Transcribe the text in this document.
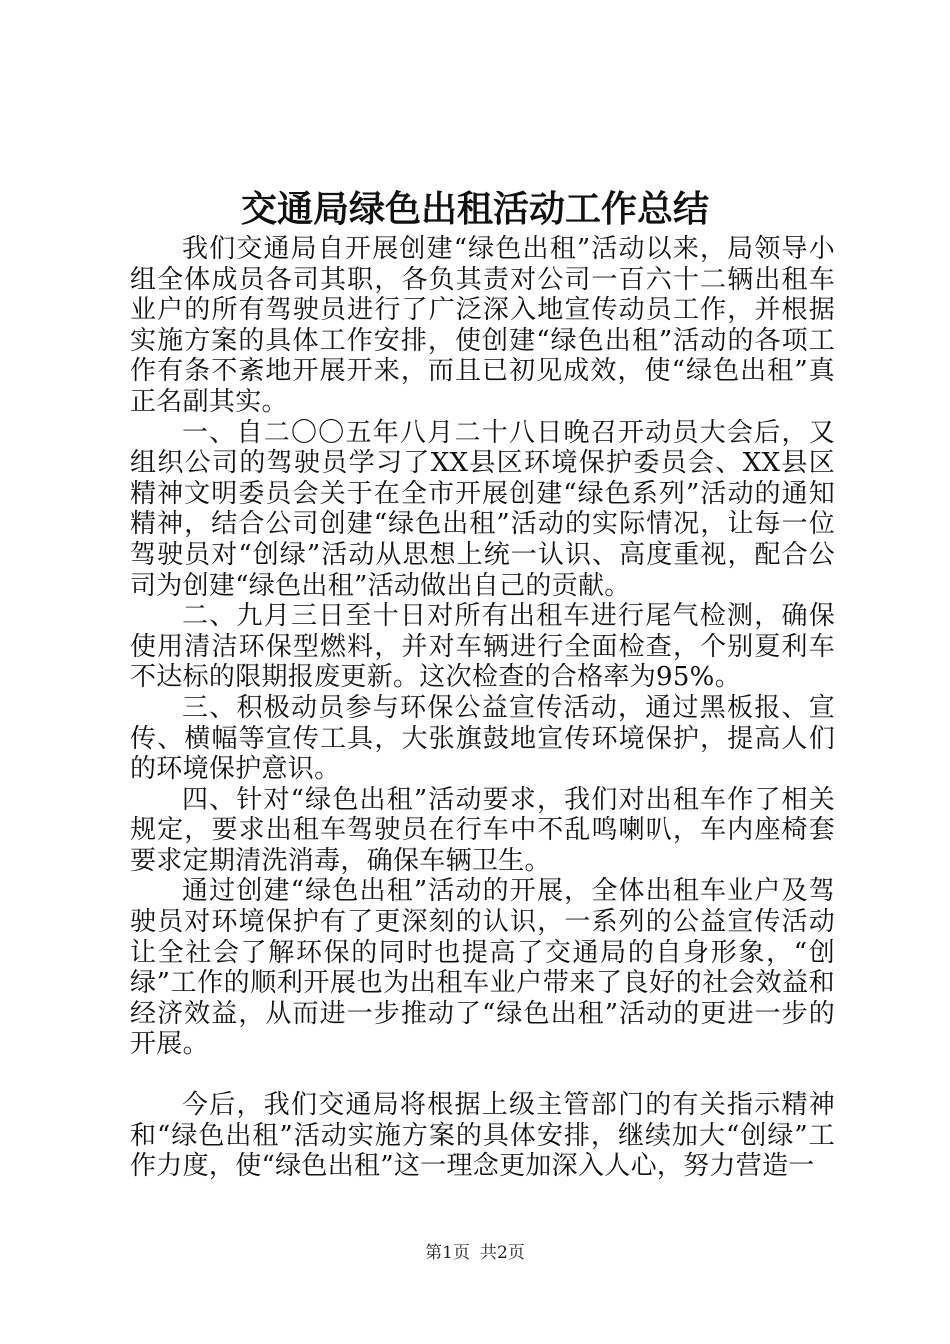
交通局绿色出租活动工作总结

我们交通局自开展创建“绿色出租”活动以来，局领导小组全体成员各司其职，各负其责对公司一百六十二辆出租车业户的所有驾驶员进行了广泛深入地宣传动员工作，并根据实施方案的具体工作安排，使创建“绿色出租”活动的各项工作有条不紊地开展开来，而且已初见成效，使“绿色出租”真正名副其实。

一、自二〇〇五年八月二十八日晚召开动员大会后，又组织公司的驾驶员学习了XX县区环境保护委员会、XX县区精神文明委员会关于在全市开展创建“绿色系列”活动的通知精神，结合公司创建“绿色出租”活动的实际情况，让每一位驾驶员对“创绿”活动从思想上统一认识、高度重视，配合公司为创建“绿色出租”活动做出自己的贡献。

二、九月三日至十日对所有出租车进行尾气检测，确保使用清洁环保型燃料，并对车辆进行全面检查，个别夏利车不达标的限期报废更新。这次检查的合格率为95%。

三、积极动员参与环保公益宣传活动，通过黑板报、宣传、横幅等宣传工具，大张旗鼓地宣传环境保护，提高人们的环境保护意识。

四、针对“绿色出租”活动要求，我们对出租车作了相关规定，要求出租车驾驶员在行车中不乱鸣喇叭，车内座椅套要求定期清洗消毒，确保车辆卫生。

通过创建“绿色出租”活动的开展，全体出租车业户及驾驶员对环境保护有了更深刻的认识，一系列的公益宣传活动让全社会了解环保的同时也提高了交通局的自身形象，“创绿”工作的顺利开展也为出租车业户带来了良好的社会效益和经济效益，从而进一步推动了“绿色出租”活动的更进一步的开展。

今后，我们交通局将根据上级主管部门的有关指示精神和“绿色出租”活动实施方案的具体安排，继续加大“创绿”工作力度，使“绿色出租”这一理念更加深入人心，努力营造一

第1页 共2页
